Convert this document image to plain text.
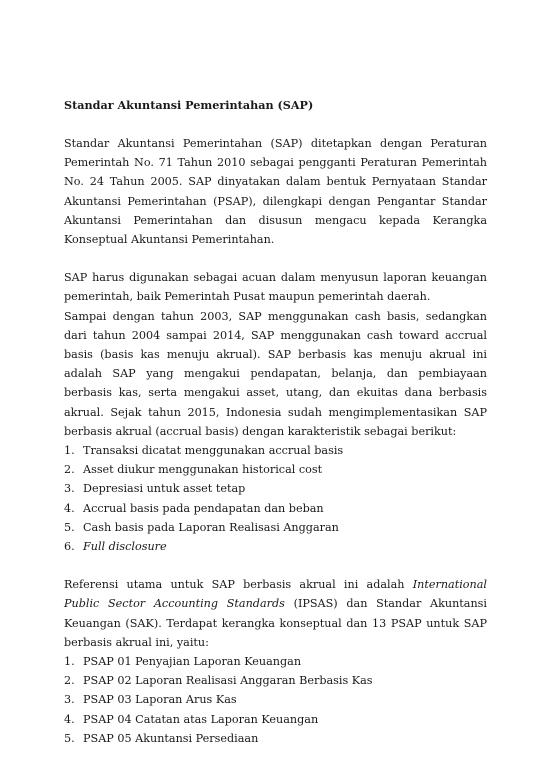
Standar Akuntansi Pemerintahan (SAP)

Standar Akuntansi Pemerintahan (SAP) ditetapkan dengan Peraturan Pemerintah No. 71 Tahun 2010 sebagai pengganti Peraturan Pemerintah No. 24 Tahun 2005. SAP dinyatakan dalam bentuk Pernyataan Standar Akuntansi Pemerintahan (PSAP), dilengkapi dengan Pengantar Standar Akuntansi Pemerintahan dan disusun mengacu kepada Kerangka Konseptual Akuntansi Pemerintahan.

SAP harus digunakan sebagai acuan dalam menyusun laporan keuangan pemerintah, baik Pemerintah Pusat maupun pemerintah daerah.

Sampai dengan tahun 2003, SAP menggunakan cash basis, sedangkan dari tahun 2004 sampai 2014, SAP menggunakan cash toward accrual basis (basis kas menuju akrual). SAP berbasis kas menuju akrual ini adalah SAP yang mengakui pendapatan, belanja, dan pembiayaan berbasis kas, serta mengakui asset, utang, dan ekuitas dana berbasis akrual. Sejak tahun 2015, Indonesia sudah mengimplementasikan SAP berbasis akrual (accrual basis) dengan karakteristik sebagai berikut:

1. Transaksi dicatat menggunakan accrual basis
2. Asset diukur menggunakan historical cost
3. Depresiasi untuk asset tetap
4. Accrual basis pada pendapatan dan beban
5. Cash basis pada Laporan Realisasi Anggaran
6. Full disclosure

Referensi utama untuk SAP berbasis akrual ini adalah International Public Sector Accounting Standards (IPSAS) dan Standar Akuntansi Keuangan (SAK). Terdapat kerangka konseptual dan 13 PSAP untuk SAP berbasis akrual ini, yaitu:

1. PSAP 01 Penyajian Laporan Keuangan
2. PSAP 02 Laporan Realisasi Anggaran Berbasis Kas
3. PSAP 03 Laporan Arus Kas
4. PSAP 04 Catatan atas Laporan Keuangan
5. PSAP 05 Akuntansi Persediaan
